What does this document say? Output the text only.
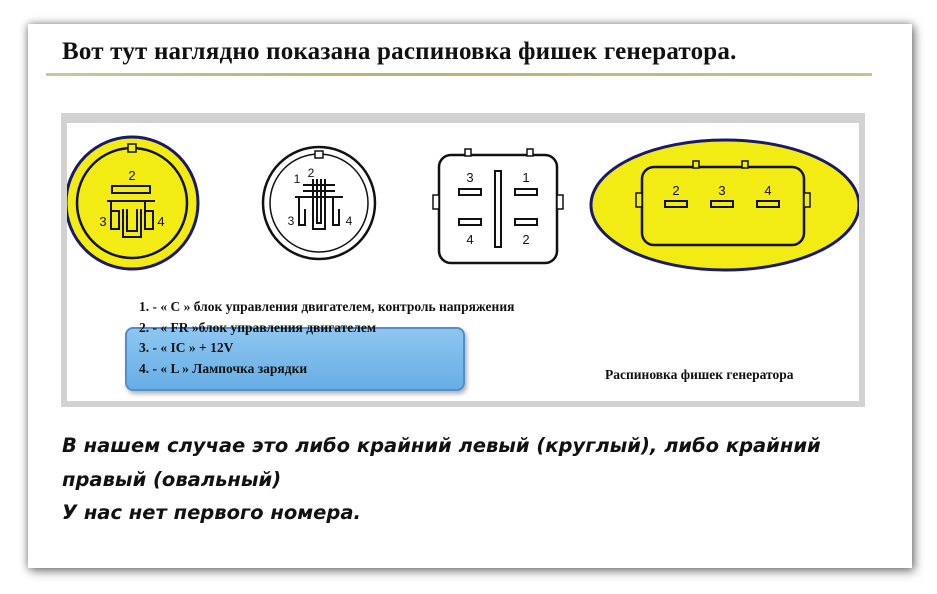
Вот тут наглядно показана распиновка фишек генератора.
2
3	4
1 2
3	4
3	1
4	2
2	3	4
1. - « C » блок управления двигателем, контроль напряжения
2. - « FR »блок управления двигателем
3. - « IC » + 12V
4. - « L » Лампочка зарядки	Распиновка фишек генератора
В нашем случае это либо крайний левый (круглый), либо крайний
правый (овальный)
У нас нет первого номера.
